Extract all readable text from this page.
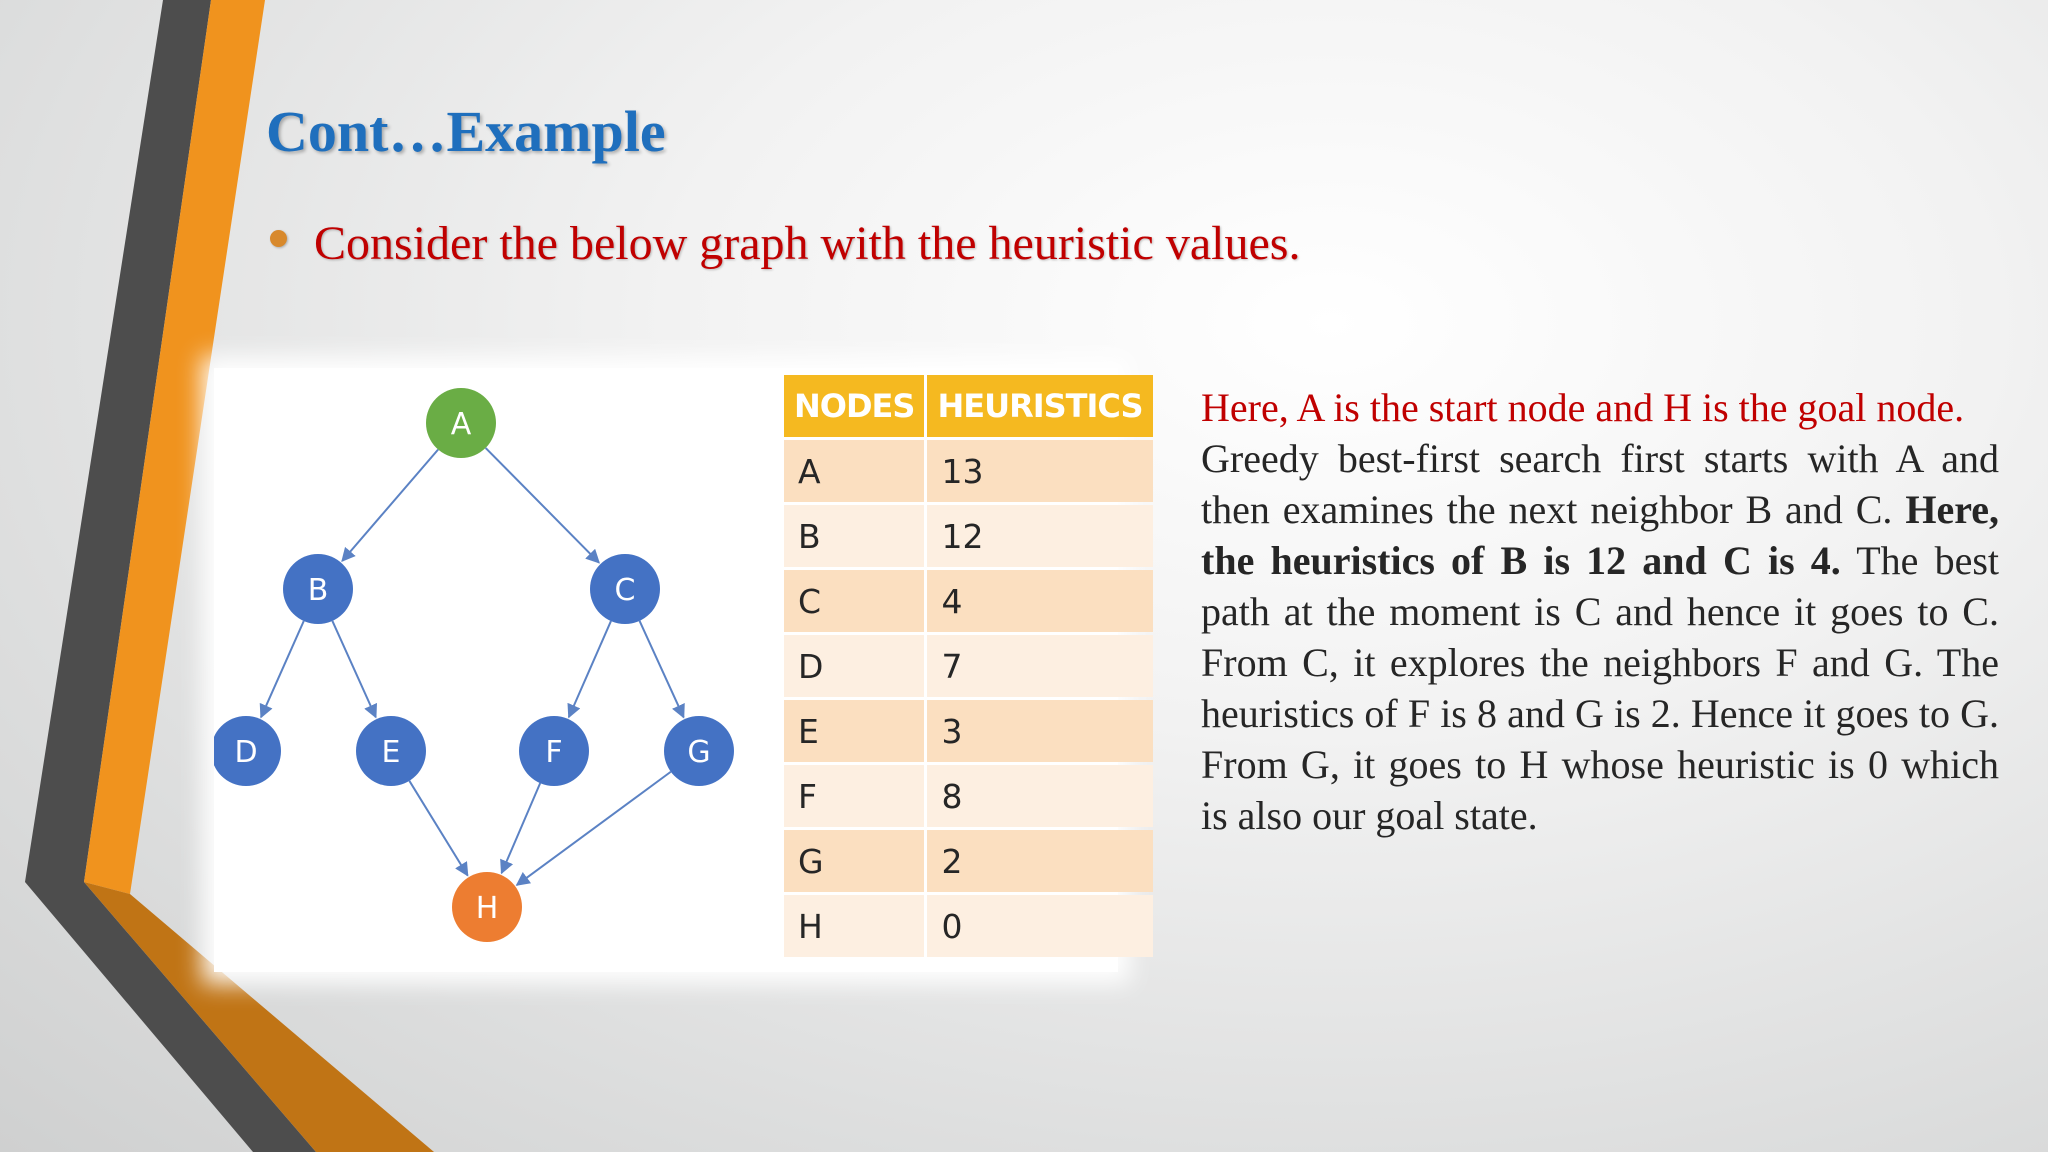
Cont…Example
Consider the below graph with the heuristic values.
A
B	C
D	E	F	G
H
NODES	HEURISTICS
A	13
B	12
C	4
D	7
E	3
F	8
G	2
H	0

Here, A is the start node and H is the goal node.
Greedy best-first search first starts with A and then examines the next neighbor B and C. Here, the heuristics of B is 12 and C is 4. The best path at the moment is C and hence it goes to C. From C, it explores the neighbors F and G. The heuristics of F is 8 and G is 2. Hence it goes to G. From G, it goes to H whose heuristic is 0 which is also our goal state.
